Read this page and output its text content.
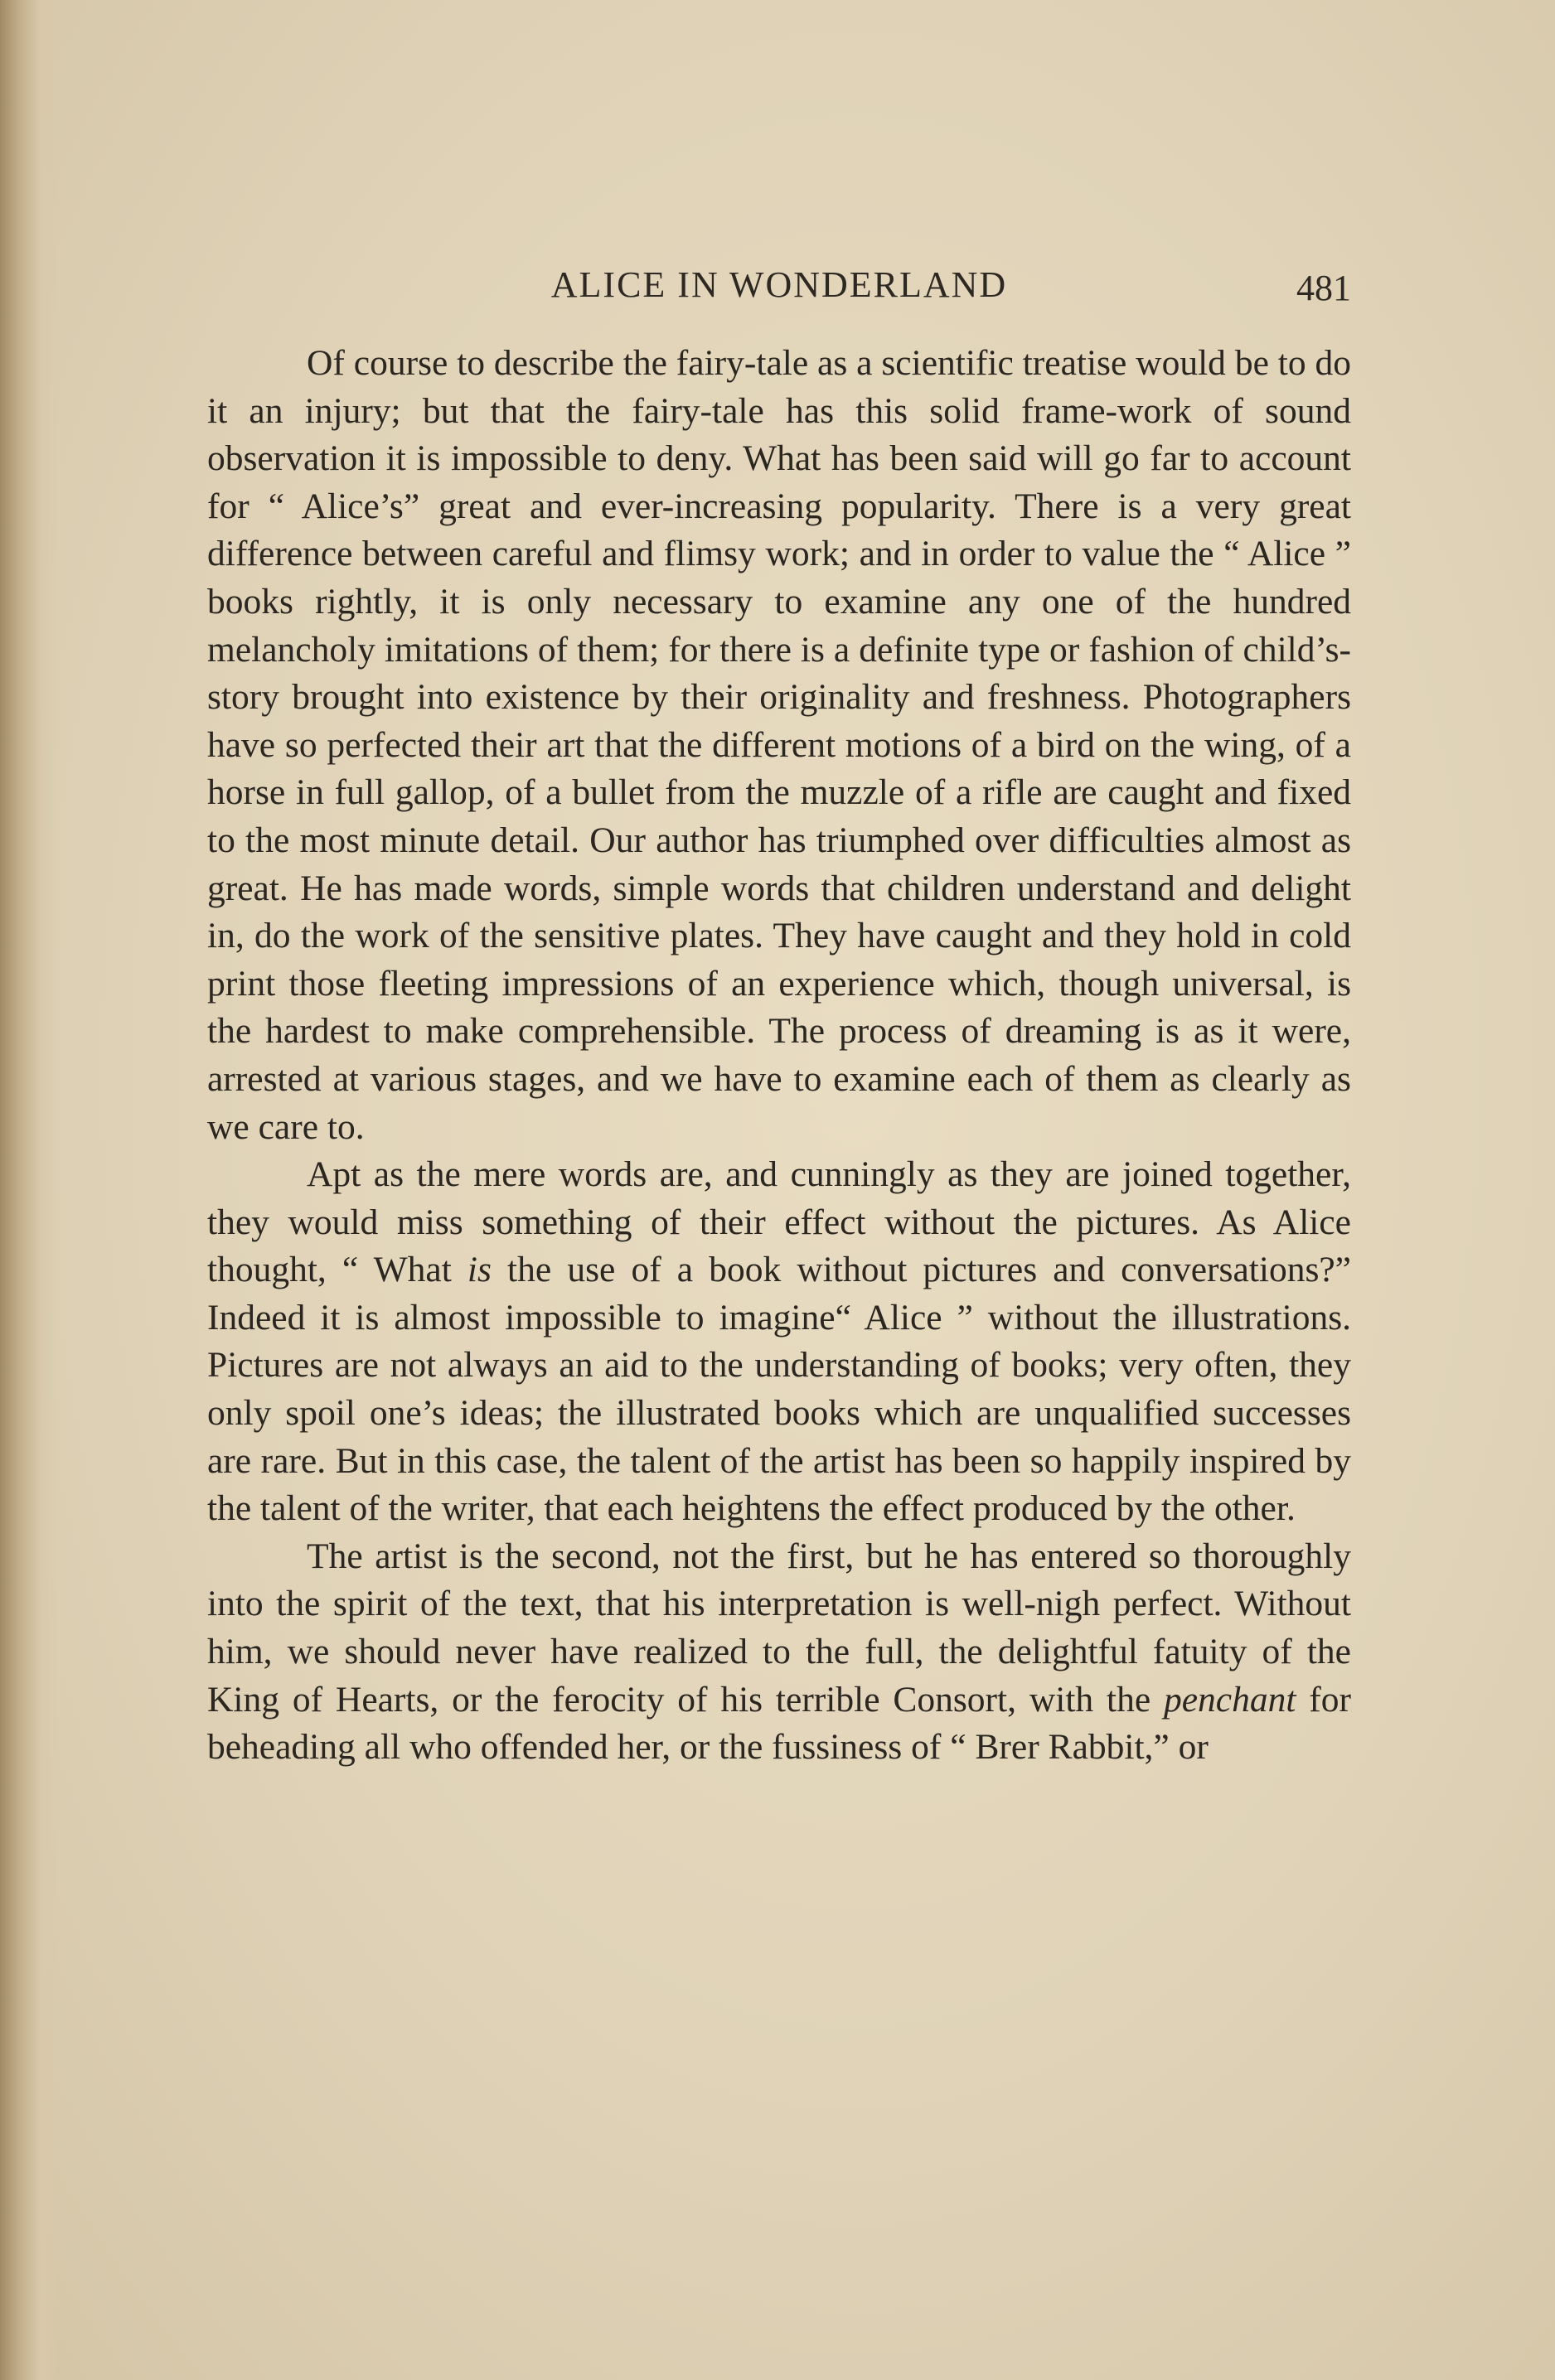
ALICE IN WONDERLAND	481

Of course to describe the fairy-tale as a scientific treatise would be to do it an injury; but that the fairy-tale has this solid frame-work of sound observation it is impossible to deny. What has been said will go far to account for “ Alice’s” great and ever-increasing popularity. There is a very great difference between careful and flimsy work; and in order to value the “ Alice ” books rightly, it is only necessary to examine any one of the hundred melancholy imitations of them; for there is a definite type or fashion of child’s-story brought into existence by their originality and freshness. Photographers have so perfected their art that the different motions of a bird on the wing, of a horse in full gallop, of a bullet from the muzzle of a rifle are caught and fixed to the most minute detail. Our author has triumphed over difficulties almost as great. He has made words, simple words that children understand and delight in, do the work of the sensitive plates. They have caught and they hold in cold print those fleeting impressions of an experience which, though universal, is the hardest to make comprehensible. The process of dreaming is as it were, arrested at various stages, and we have to examine each of them as clearly as we care to.

Apt as the mere words are, and cunningly as they are joined together, they would miss something of their effect without the pictures. As Alice thought, “ What is the use of a book without pictures and conversations?” Indeed it is almost impossible to imagine“ Alice ” without the illustrations. Pictures are not always an aid to the understanding of books; very often, they only spoil one’s ideas; the illustrated books which are unqualified successes are rare. But in this case, the talent of the artist has been so happily inspired by the talent of the writer, that each heightens the effect produced by the other.

The artist is the second, not the first, but he has entered so thoroughly into the spirit of the text, that his interpretation is well-nigh perfect. Without him, we should never have realized to the full, the delightful fatuity of the King of Hearts, or the ferocity of his terrible Consort, with the penchant for beheading all who offended her, or the fussiness of “ Brer Rabbit,” or
